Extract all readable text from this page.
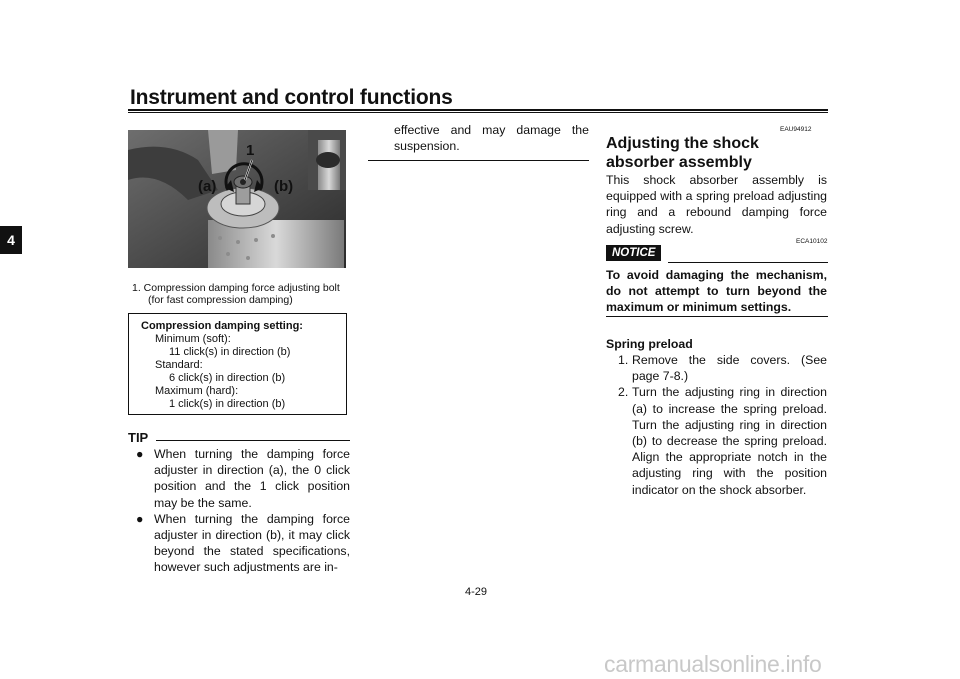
Instrument and control functions
4
1
(a)	(b)
1. Compression damping force adjusting bolt
(for fast compression damping)
Compression damping setting:
Minimum (soft):
11 click(s) in direction (b)
Standard:
6 click(s) in direction (b)
Maximum (hard):
1 click(s) in direction (b)
TIP
● When turning the damping force adjuster in direction (a), the 0 click position and the 1 click position may be the same.
● When turning the damping force adjuster in direction (b), it may click beyond the stated specifications, however such adjustments are in-
effective and may damage the suspension.
EAU94912
Adjusting the shock absorber assembly
This shock absorber assembly is equipped with a spring preload adjusting ring and a rebound damping force adjusting screw.
ECA10102
NOTICE
To avoid damaging the mechanism, do not attempt to turn beyond the maximum or minimum settings.
Spring preload
1. Remove the side covers. (See page 7-8.)
2. Turn the adjusting ring in direction (a) to increase the spring preload. Turn the adjusting ring in direction (b) to decrease the spring preload. Align the appropriate notch in the adjusting ring with the position indicator on the shock absorber.
4-29
carmanualsonline.info
